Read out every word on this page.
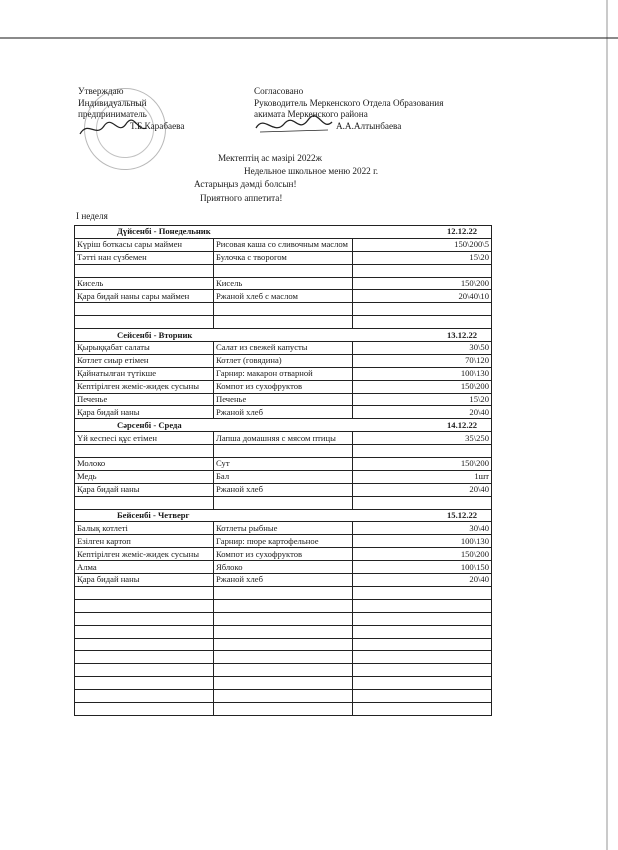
Утверждаю
Индивидуальный
предприниматель
Т.Б.Карабаева
Согласовано
Руководитель Меркенского Отдела Образования
акимата Меркенского района
А.А.Алтынбаева
Мектептің ас мәзірі 2022ж
Недельное школьное меню 2022 г.
Астарыңыз дәмді болсын!
Приятного аппетита!
I неделя
Дүйсенбі - Понедельник 12.12.22		
Күріш боткасы сары маймен	Рисовая каша со сливочным маслом	150\200\5
Тәтті нан сүзбемен	Булочка с творогом	15\20

Кисель	Кисель	150\200
Қара бидай наны сары маймен	Ржаной хлеб с маслом	20\40\10

Сейсенбі - Вторник 13.12.22		
Қырыққабат салаты	Салат из свежей капусты	30\50
Котлет сиыр етімен	Котлет (говядина)	70\120
Қайнатылған түтікше	Гарнир: макарон отварной	100\130
Кептірілген жеміс-жидек сусыны	Компот из сухофруктов	150\200
Печенье	Печенье	15\20
Қара бидай наны	Ржаной хлеб	20\40
Сәрсенбі - Среда 14.12.22		
Үй кеспесі құс етімен	Лапша домашняя с мясом птицы	35\250

Молоко	Сут	150\200
Медь	Бал	1шт
Қара бидай наны	Ржаной хлеб	20\40

Бейсенбі - Четверг 15.12.22		
Балық котлеті	Котлеты рыбные	30\40
Езілген картоп	Гарнир: пюре картофельное	100\130
Кептірілген жеміс-жидек сусыны	Компот из сухофруктов	150\200
Алма	Яблоко	100\150
Қара бидай наны	Ржаной хлеб	20\40
